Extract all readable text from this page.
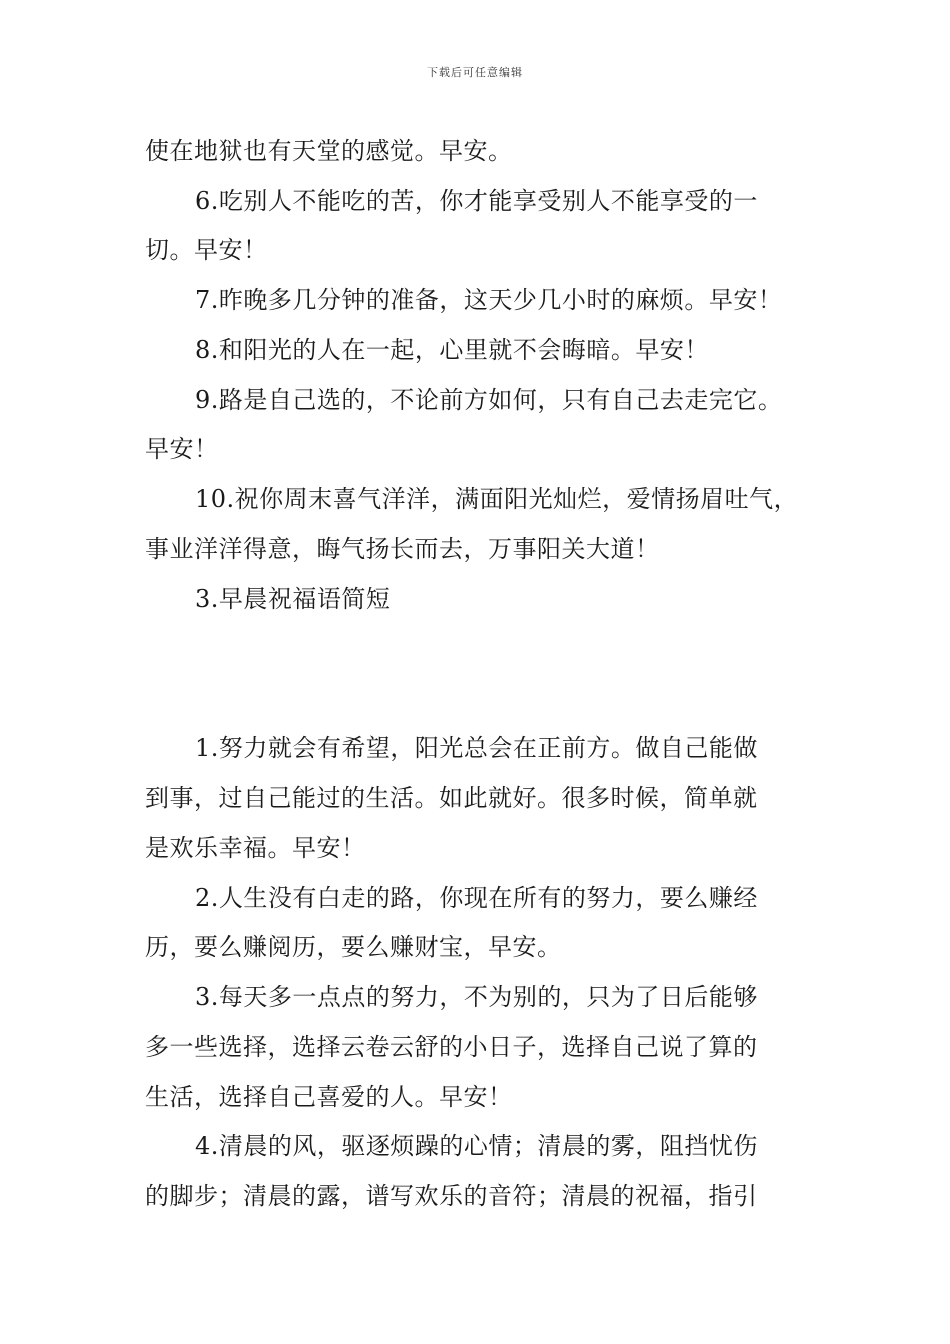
下载后可任意编辑
使在地狱也有天堂的感觉。早安。
6.吃别人不能吃的苦，你才能享受别人不能享受的一
切。早安！
7.昨晚多几分钟的准备，这天少几小时的麻烦。早安！
8.和阳光的人在一起，心里就不会晦暗。早安！
9.路是自己选的，不论前方如何，只有自己去走完它。
早安！
10.祝你周末喜气洋洋，满面阳光灿烂，爱情扬眉吐气，
事业洋洋得意，晦气扬长而去，万事阳关大道！
3.早晨祝福语简短
1.努力就会有希望，阳光总会在正前方。做自己能做
到事，过自己能过的生活。如此就好。很多时候，简单就
是欢乐幸福。早安！
2.人生没有白走的路，你现在所有的努力，要么赚经
历，要么赚阅历，要么赚财宝，早安。
3.每天多一点点的努力，不为别的，只为了日后能够
多一些选择，选择云卷云舒的小日子，选择自己说了算的
生活，选择自己喜爱的人。早安！
4.清晨的风，驱逐烦躁的心情；清晨的雾，阻挡忧伤
的脚步；清晨的露，谱写欢乐的音符；清晨的祝福，指引
